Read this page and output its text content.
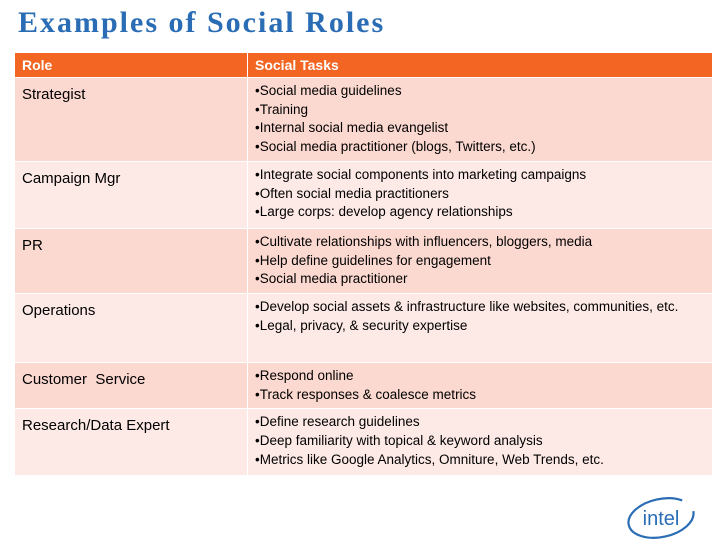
Examples of Social Roles
Role	Social Tasks
Strategist	• Social media guidelines
• Training
• Internal social media evangelist
• Social media practitioner (blogs, Twitters, etc.)

Campaign Mgr	• Integrate social components into marketing campaigns
• Often social media practitioners
• Large corps: develop agency relationships

PR	• Cultivate relationships with influencers, bloggers, media
• Help define guidelines for engagement
• Social media practitioner

Operations	• Develop social assets & infrastructure like websites, communities, etc.
• Legal, privacy, & security expertise

Customer  Service	• Respond online
• Track responses & coalesce metrics

Research/Data Expert	• Define research guidelines
• Deep familiarity with topical & keyword analysis
• Metrics like Google Analytics, Omniture, Web Trends, etc.
intel
